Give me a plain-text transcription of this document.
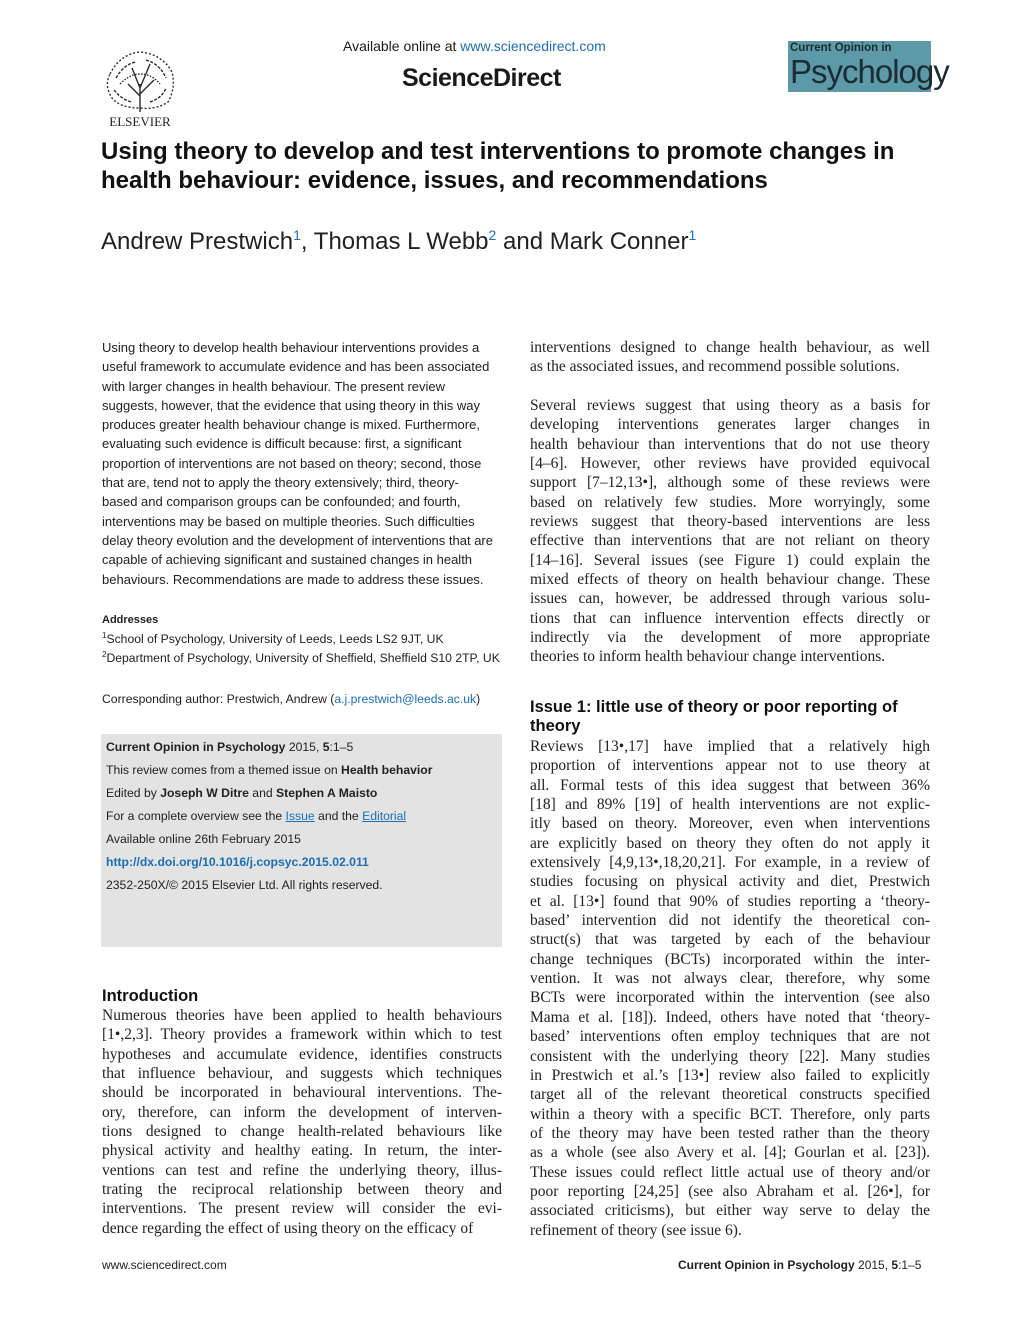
ELSEVIER
Available online at www.sciencedirect.com
ScienceDirect
Current Opinion in
Psychology
Using theory to develop and test interventions to promote changes in health behaviour: evidence, issues, and recommendations
Andrew Prestwich$^1$, Thomas L Webb$^2$ and Mark Conner$^1$
Using theory to develop health behaviour interventions provides a useful framework to accumulate evidence and has been associated with larger changes in health behaviour. The present review suggests, however, that the evidence that using theory in this way produces greater health behaviour change is mixed. Furthermore, evaluating such evidence is difficult because: first, a significant proportion of interventions are not based on theory; second, those that are, tend not to apply the theory extensively; third, theory-based and comparison groups can be confounded; and fourth, interventions may be based on multiple theories. Such difficulties delay theory evolution and the development of interventions that are capable of achieving significant and sustained changes in health behaviours. Recommendations are made to address these issues.
Addresses
$^1$School of Psychology, University of Leeds, Leeds LS2 9JT, UK
$^2$Department of Psychology, University of Sheffield, Sheffield S10 2TP, UK
Corresponding author: Prestwich, Andrew (a.j.prestwich@leeds.ac.uk)
Current Opinion in Psychology 2015, 5:1–5
This review comes from a themed issue on Health behavior
Edited by Joseph W Ditre and Stephen A Maisto
For a complete overview see the Issue and the Editorial
Available online 26th February 2015
http://dx.doi.org/10.1016/j.copsyc.2015.02.011
2352-250X/© 2015 Elsevier Ltd. All rights reserved.
Introduction
Numerous theories have been applied to health behaviours
[1•,2,3]. Theory provides a framework within which to test
hypotheses and accumulate evidence, identifies constructs
that influence behaviour, and suggests which techniques
should be incorporated in behavioural interventions. The-
ory, therefore, can inform the development of interven-
tions designed to change health-related behaviours like
physical activity and healthy eating. In return, the inter-
ventions can test and refine the underlying theory, illus-
trating the reciprocal relationship between theory and
interventions. The present review will consider the evi-
dence regarding the effect of using theory on the efficacy of
interventions designed to change health behaviour, as well
as the associated issues, and recommend possible solutions.
Several reviews suggest that using theory as a basis for
developing interventions generates larger changes in
health behaviour than interventions that do not use theory
[4–6]. However, other reviews have provided equivocal
support [7–12,13•], although some of these reviews were
based on relatively few studies. More worryingly, some
reviews suggest that theory-based interventions are less
effective than interventions that are not reliant on theory
[14–16]. Several issues (see Figure 1) could explain the
mixed effects of theory on health behaviour change. These
issues can, however, be addressed through various solu-
tions that can influence intervention effects directly or
indirectly via the development of more appropriate
theories to inform health behaviour change interventions.
Issue 1: little use of theory or poor reporting of
theory
Reviews [13•,17] have implied that a relatively high
proportion of interventions appear not to use theory at
all. Formal tests of this idea suggest that between 36%
[18] and 89% [19] of health interventions are not explic-
itly based on theory. Moreover, even when interventions
are explicitly based on theory they often do not apply it
extensively [4,9,13•,18,20,21]. For example, in a review of
studies focusing on physical activity and diet, Prestwich
et al. [13•] found that 90% of studies reporting a ‘theory-
based’ intervention did not identify the theoretical con-
struct(s) that was targeted by each of the behaviour
change techniques (BCTs) incorporated within the inter-
vention. It was not always clear, therefore, why some
BCTs were incorporated within the intervention (see also
Mama et al. [18]). Indeed, others have noted that ‘theory-
based’ interventions often employ techniques that are not
consistent with the underlying theory [22]. Many studies
in Prestwich et al.’s [13•] review also failed to explicitly
target all of the relevant theoretical constructs specified
within a theory with a specific BCT. Therefore, only parts
of the theory may have been tested rather than the theory
as a whole (see also Avery et al. [4]; Gourlan et al. [23]).
These issues could reflect little actual use of theory and/or
poor reporting [24,25] (see also Abraham et al. [26•], for
associated criticisms), but either way serve to delay the
refinement of theory (see issue 6).
www.sciencedirect.com	Current Opinion in Psychology 2015, 5:1–5
